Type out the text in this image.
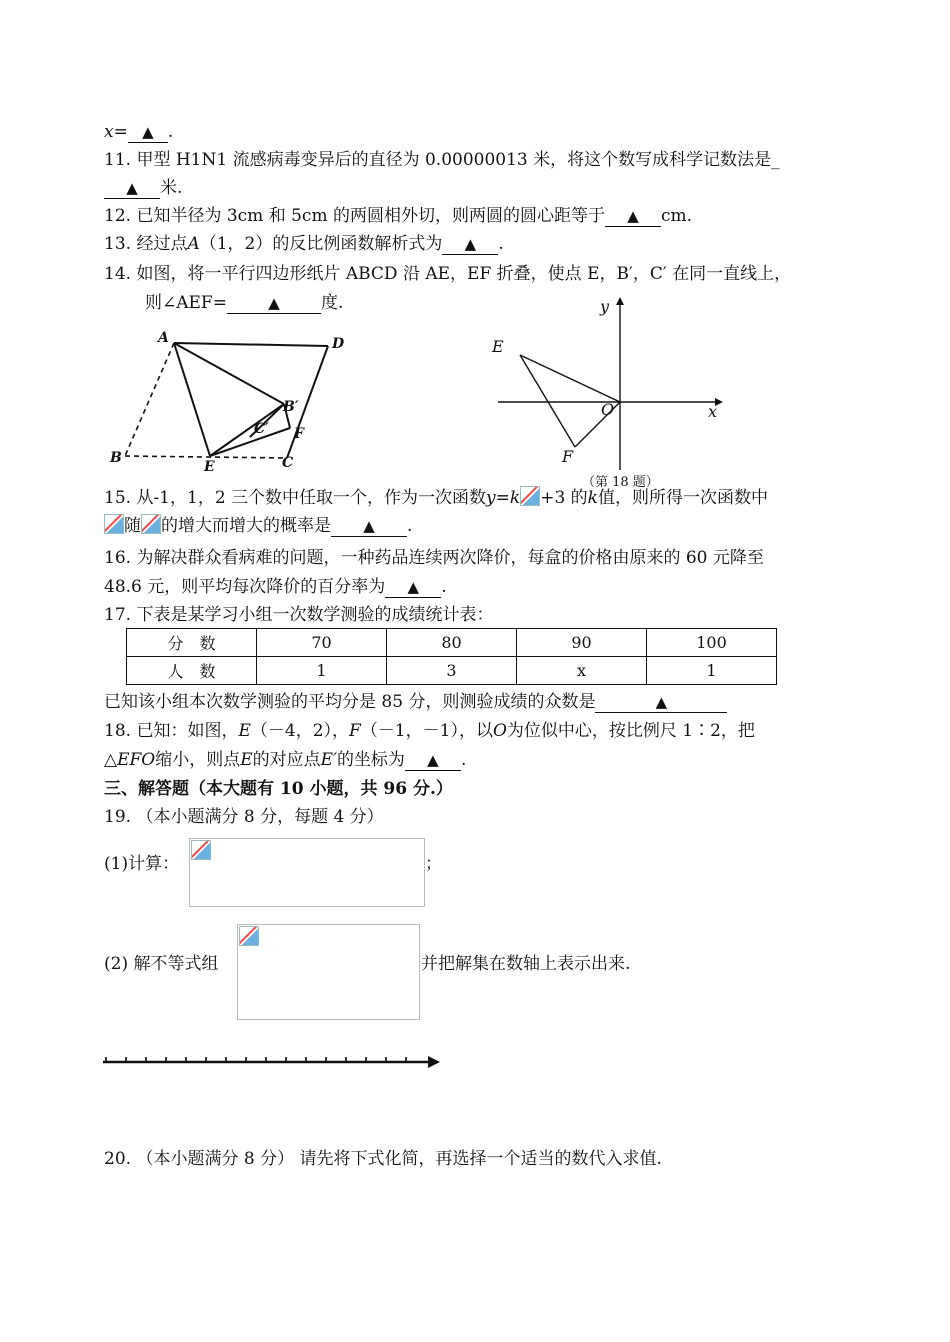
x= ▲ .
11. 甲型 H1N1 流感病毒变异后的直径为 0.00000013 米，将这个数写成科学记数法是_
▲ 米.
12. 已知半径为 3cm 和 5cm 的两圆相外切，则两圆的圆心距等于 ▲ cm.
13. 经过点A（1，2）的反比例函数解析式为 ▲ .
14. 如图，将一平行四边形纸片 ABCD 沿 AE，EF 折叠，使点 E，B′，C′ 在同一直线上，
则∠AEF=	▲ 度.
A	D
B′
C′ F
B
E	C
y
E
O	x
F
（第 18 题）
15. 从-1，1，2 三个数中任取一个，作为一次函数y=k +3 的k值，则所得一次函数中
随 的增大而增大的概率是 ▲ .
16. 为解决群众看病难的问题，一种药品连续两次降价，每盒的价格由原来的 60 元降至
48.6 元，则平均每次降价的百分率为 ▲ .
17. 下表是某学习小组一次数学测验的成绩统计表：
分　数	70	80	90	100
人　数	1	3	x	1
已知该小组本次数学测验的平均分是 85 分，则测验成绩的众数是	▲
18. 已知：如图，E（－4，2），F（－1，－1），以O为位似中心，按比例尺 1∶2，把
△EFO缩小，则点E的对应点E′的坐标为 ▲ .
三、解答题（本大题有 10 小题，共 96 分.）
19. （本小题满分 8 分，每题 4 分）
(1)计算：	；
(2) 解不等式组	并把解集在数轴上表示出来.
20. （本小题满分 8 分） 请先将下式化简，再选择一个适当的数代入求值.
